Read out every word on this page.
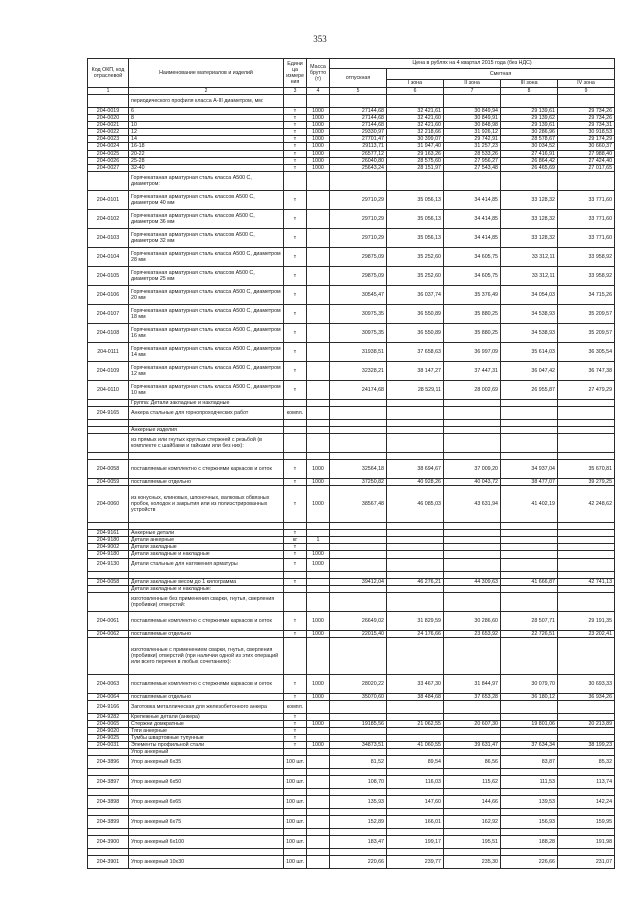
353
Код ОКП, код отраслевой	Наименование материалов и изделий	Едини ца измере ния	Масса брутто (т)	Цена в рублях на 4 квартал 2015 года (без НДС)				
				отпускная	Сметная			
					I зона	II зона	III зона	IV зона
1	2	3	4	5	6	7	8	9
	периодического профиля класса А-III диаметром, мм:							
204-0019	6	т	1000	27144,68	32 421,61	30 849,94	29 139,61	29 734,26
204-0020	8	т	1000	27144,68	32 421,60	30 849,91	29 139,62	29 734,26
204-0021	10	т	1000	27144,68	32 421,60	30 848,98	29 139,61	29 734,31
204-0022	12	т	1000	29330,97	32 218,66	31 926,12	30 286,96	30 918,53
204-0023	14	т	1000	27701,47	30 399,07	29 742,91	28 578,67	29 174,29
204-0024	16-18	т	1000	29113,71	31 947,40	31 257,23	30 034,52	30 660,37
204-0025	20-22	т	1000	26577,12	29 163,26	28 533,26	27 416,91	27 988,40
204-0026	25-28	т	1000	26040,80	28 575,60	27 956,27	26 864,42	27 424,40
204-0027	32-40	т	1000	25643,24	28 151,97	27 543,48	26 465,69	27 017,65
	Горячекатаная арматурная сталь класса А500 С, диаметром:							
204-0101	Горячекатаная арматурная сталь классов А500 С, диаметром 40 мм	т		29710,29	35 056,13	34 414,85	33 128,32	33 771,60
204-0102	Горячекатаная арматурная сталь классов А500 С, диаметром 36 мм	т		29710,29	35 056,13	34 414,85	33 128,32	33 771,60
204-0103	Горячекатаная арматурная сталь классов А500 С, диаметром 32 мм	т		29710,29	35 056,13	34 414,85	33 128,32	33 771,60
204-0104	Горячекатаная арматурная сталь класса А500 С, диаметром 28 мм	т		29875,09	35 252,60	34 605,75	33 312,11	33 958,92
204-0105	Горячекатаная арматурная сталь классов А500 С, диаметром 25 мм	т		29875,09	35 252,60	34 605,75	33 312,11	33 958,92
204-0106	Горячекатаная арматурная сталь класса А500 С, диаметром 20 мм	т		30545,47	36 037,74	35 376,49	34 054,03	34 715,26
204-0107	Горячекатаная арматурная сталь класса А500 С, диаметром 18 мм	т		30975,35	36 550,89	35 880,25	34 538,93	35 209,57
204-0108	Горячекатаная арматурная сталь класса А500 С, диаметром 16 мм	т		30975,35	36 550,89	35 880,25	34 538,93	35 209,57
204-0111	Горячекатаная арматурная сталь класса А500 С, диаметром 14 мм	т		31938,51	37 658,63	36 997,09	35 614,03	36 305,54
204-0109	Горячекатаная арматурная сталь класса А500 С, диаметром 12 мм	т		32328,21	38 147,27	37 447,31	36 047,42	36 747,38
204-0110	Горячекатаная арматурная сталь класса А500 С, диаметром 10 мм	т		24174,68	28 529,11	28 002,69	26 955,87	27 479,29
	Группа: Детали закладные и накладные							
204-9165	Анкера стальные для горнопроходческих работ	компл.						

	Анкерные изделия							
	из прямых или гнутых круглых стержней с резьбой (в комплекте с шайбами и гайками или без них):							

204-0058	поставляемые комплектно с стержнями каркасов и сеток	т	1000	32564,18	38 694,67	37 009,20	34 937,04	35 670,81
204-0059	поставляемые отдельно	т	1000	37250,82	40 928,26	40 043,72	38 477,07	39 279,25
204-0060	из конусных, клиновых, шпоночных, валковых обвязных пробок, колодок и закрытия или из полиэстрированных устройств	т	1000	38567,48	46 085,03	43 631,94	41 402,19	42 248,62

204-9161	Анкерные детали	т						
204-9180	Детали анкерные	кг	1					
204-9002	Детали закладные	т						
204-9180	Детали закладные и накладные	т	1000					
204-9130	Детали стальные для натяжения арматуры	т	1000					

204-0058	Детали закладные весом до 1 килограмма	т		39412,04	46 276,21	44 309,63	41 666,87	42 741,13
	Детали закладные и накладные:							
	изготовленные без применения сварки, гнутья, сверления (пробивки) отверстий:							
204-0061	поставляемые комплектно с стержнями каркасов и сеток	т	1000	26649,02	31 829,59	30 286,60	28 507,71	29 191,35
204-0062	поставляемые отдельно	т	1000	22015,40	24 176,66	23 653,92	22 726,51	23 202,41
	изготовленные с применением сварки, гнутья, сверления (пробивки) отверстий (при наличии одной из этих операций или всего перечня в любых сочетаниях):							
204-0063	поставляемые комплектно с стержнями каркасов и сеток	т	1000	28020,22	33 467,30	31 844,97	30 079,70	30 693,33
204-0064	поставляемые отдельно	т	1000	35070,60	38 484,68	37 653,28	36 180,12	36 934,26
204-9166	Заготовка металлическая для железобетонного анкера	компл.						
204-9282	Крепежные детали (анкера)	т						
204-0065	Стержни домкратные	т	1000	19185,56	21 062,55	20 607,30	19 801,06	20 213,89
204-9020	Тяги анкерные	т						
204-9025	Тумбы швартовные тупунные	т						
204-0031	Элементы профильной стали	т	1000	34873,51	41 060,55	39 631,47	37 634,34	38 199,23
	Упор анкерный							
204-3896	Упор анкерный 6х35	100 шт.		81,52	89,54	86,56	83,87	85,32

204-3897	Упор анкерный 6х50	100 шт.		108,70	116,03	115,62	111,53	113,74

204-3898	Упор анкерный 6х65	100 шт.		135,93	147,60	144,66	139,53	142,24

204-3899	Упор анкерный 6х75	100 шт.		152,89	166,01	162,92	156,93	159,95

204-3900	Упор анкерный 6х100	100 шт.		183,47	199,17	195,51	188,28	191,98

204-3901	Упор анкерный 10х30	100 шт.		220,66	239,77	235,30	226,66	231,07
